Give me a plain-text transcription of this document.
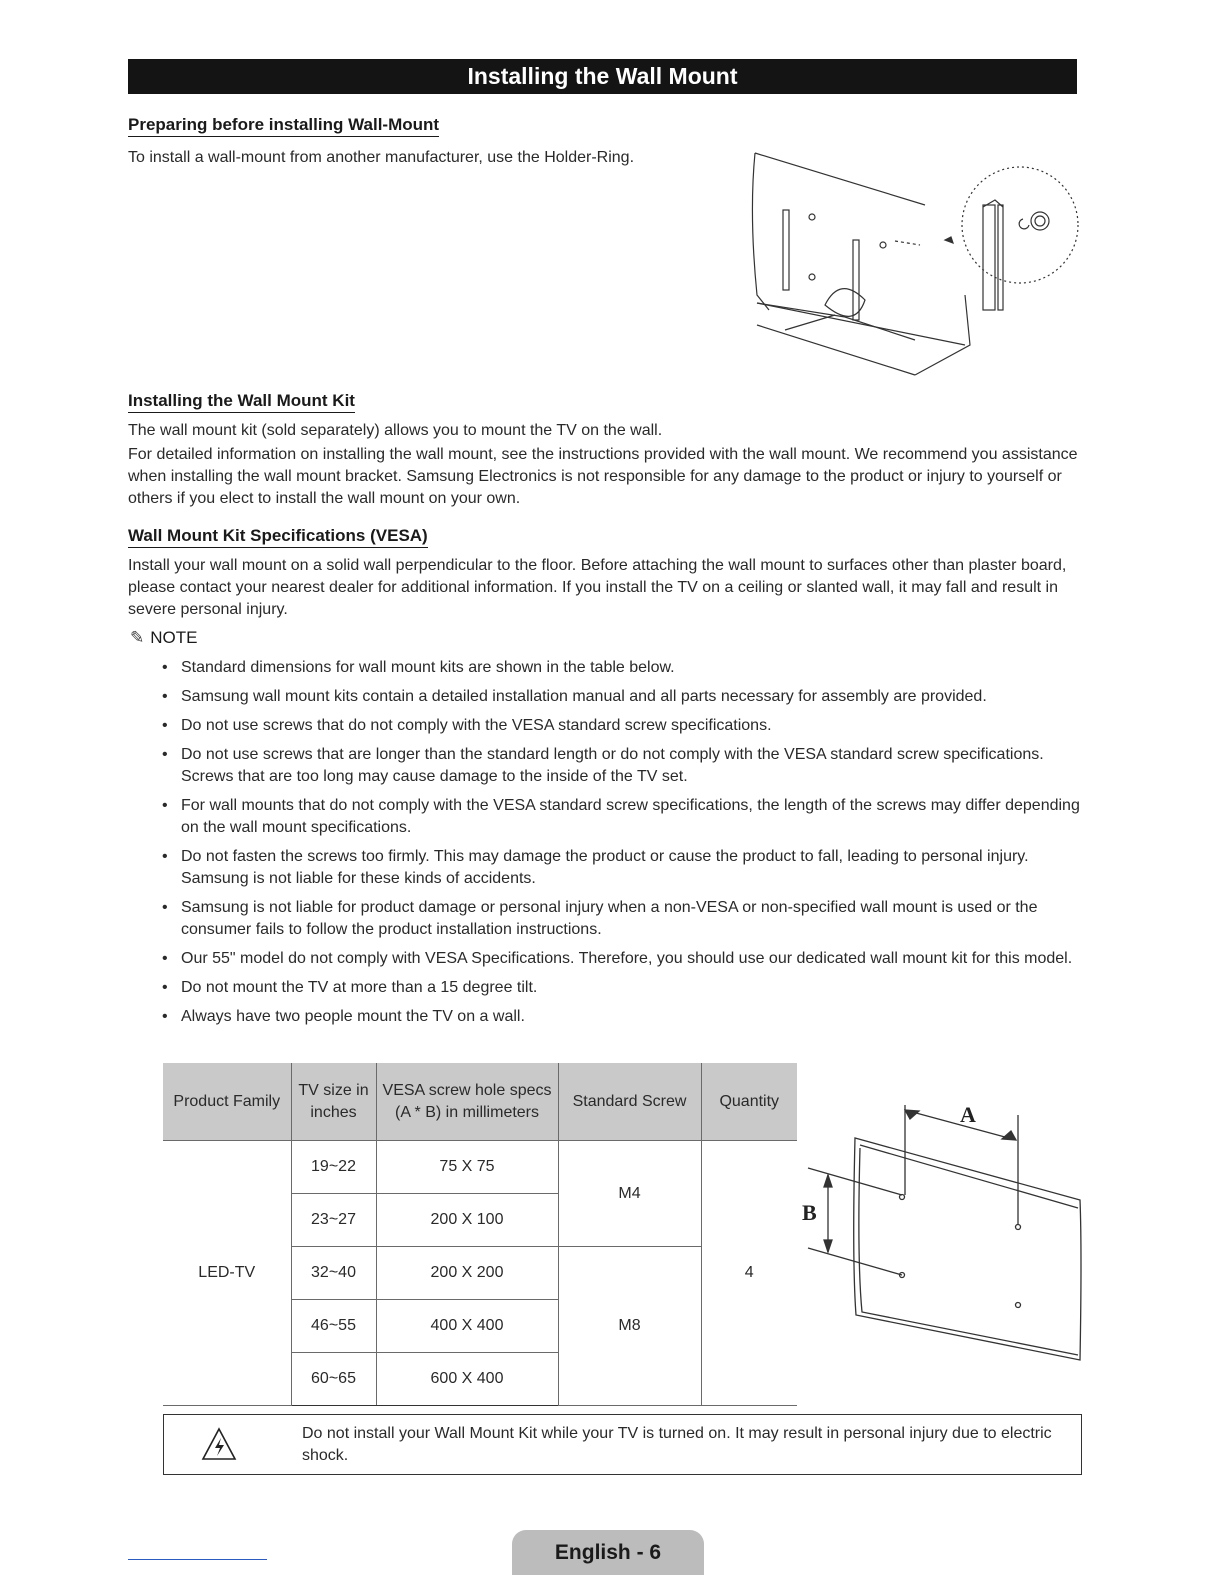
Installing the Wall Mount
Preparing before installing Wall-Mount
To install a wall-mount from another manufacturer, use the Holder-Ring.
Installing the Wall Mount Kit
The wall mount kit (sold separately) allows you to mount the TV on the wall.
For detailed information on installing the wall mount, see the instructions provided with the wall mount. We recommend you assistance when installing the wall mount bracket. Samsung Electronics is not responsible for any damage to the product or injury to yourself or others if you elect to install the wall mount on your own.
Wall Mount Kit Specifications (VESA)
Install your wall mount on a solid wall perpendicular to the floor. Before attaching the wall mount to surfaces other than plaster board, please contact your nearest dealer for additional information. If you install the TV on a ceiling or slanted wall, it may fall and result in severe personal injury.
✎ NOTE
• Standard dimensions for wall mount kits are shown in the table below.
• Samsung wall mount kits contain a detailed installation manual and all parts necessary for assembly are provided.
• Do not use screws that do not comply with the VESA standard screw specifications.
• Do not use screws that are longer than the standard length or do not comply with the VESA standard screw specifications. Screws that are too long may cause damage to the inside of the TV set.
• For wall mounts that do not comply with the VESA standard screw specifications, the length of the screws may differ depending on the wall mount specifications.
• Do not fasten the screws too firmly. This may damage the product or cause the product to fall, leading to personal injury. Samsung is not liable for these kinds of accidents.
• Samsung is not liable for product damage or personal injury when a non-VESA or non-specified wall mount is used or the consumer fails to follow the product installation instructions.
• Our 55" model do not comply with VESA Specifications. Therefore, you should use our dedicated wall mount kit for this model.
• Do not mount the TV at more than a 15 degree tilt.
• Always have two people mount the TV on a wall.
Product Family	TV size in inches	VESA screw hole specs (A * B) in millimeters	Standard Screw	Quantity
LED-TV	19~22	75 X 75	M4	4
	23~27	200 X 100		
	32~40	200 X 200	M8	
	46~55	400 X 400		
	60~65	600 X 400		
A
B
Do not install your Wall Mount Kit while your TV is turned on. It may result in personal injury due to electric shock.
English - 6
